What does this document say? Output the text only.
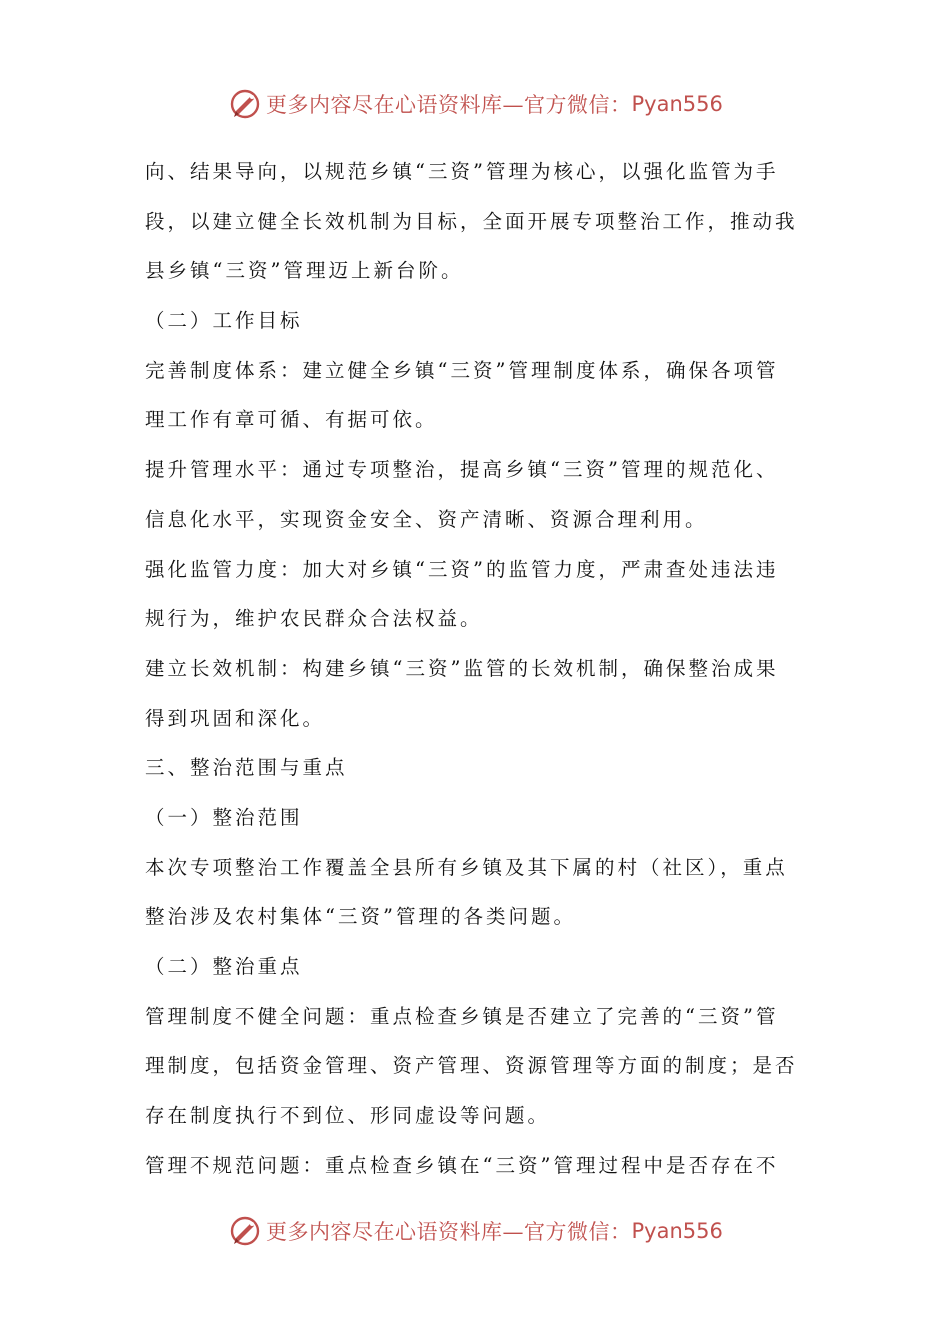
更多内容尽在心语资料库—官方微信： Pyan556
向、结果导向，以规范乡镇“三资”管理为核心，以强化监管为手
段，以建立健全长效机制为目标，全面开展专项整治工作，推动我
县乡镇“三资”管理迈上新台阶。
（二）工作目标
完善制度体系：建立健全乡镇“三资”管理制度体系，确保各项管
理工作有章可循、有据可依。
提升管理水平：通过专项整治，提高乡镇“三资”管理的规范化、
信息化水平，实现资金安全、资产清晰、资源合理利用。
强化监管力度：加大对乡镇“三资”的监管力度，严肃查处违法违
规行为，维护农民群众合法权益。
建立长效机制：构建乡镇“三资”监管的长效机制，确保整治成果
得到巩固和深化。
三、整治范围与重点
（一）整治范围
本次专项整治工作覆盖全县所有乡镇及其下属的村（社区），重点
整治涉及农村集体“三资”管理的各类问题。
（二）整治重点
管理制度不健全问题：重点检查乡镇是否建立了完善的“三资”管
理制度，包括资金管理、资产管理、资源管理等方面的制度；是否
存在制度执行不到位、形同虚设等问题。
管理不规范问题：重点检查乡镇在“三资”管理过程中是否存在不
更多内容尽在心语资料库—官方微信： Pyan556
